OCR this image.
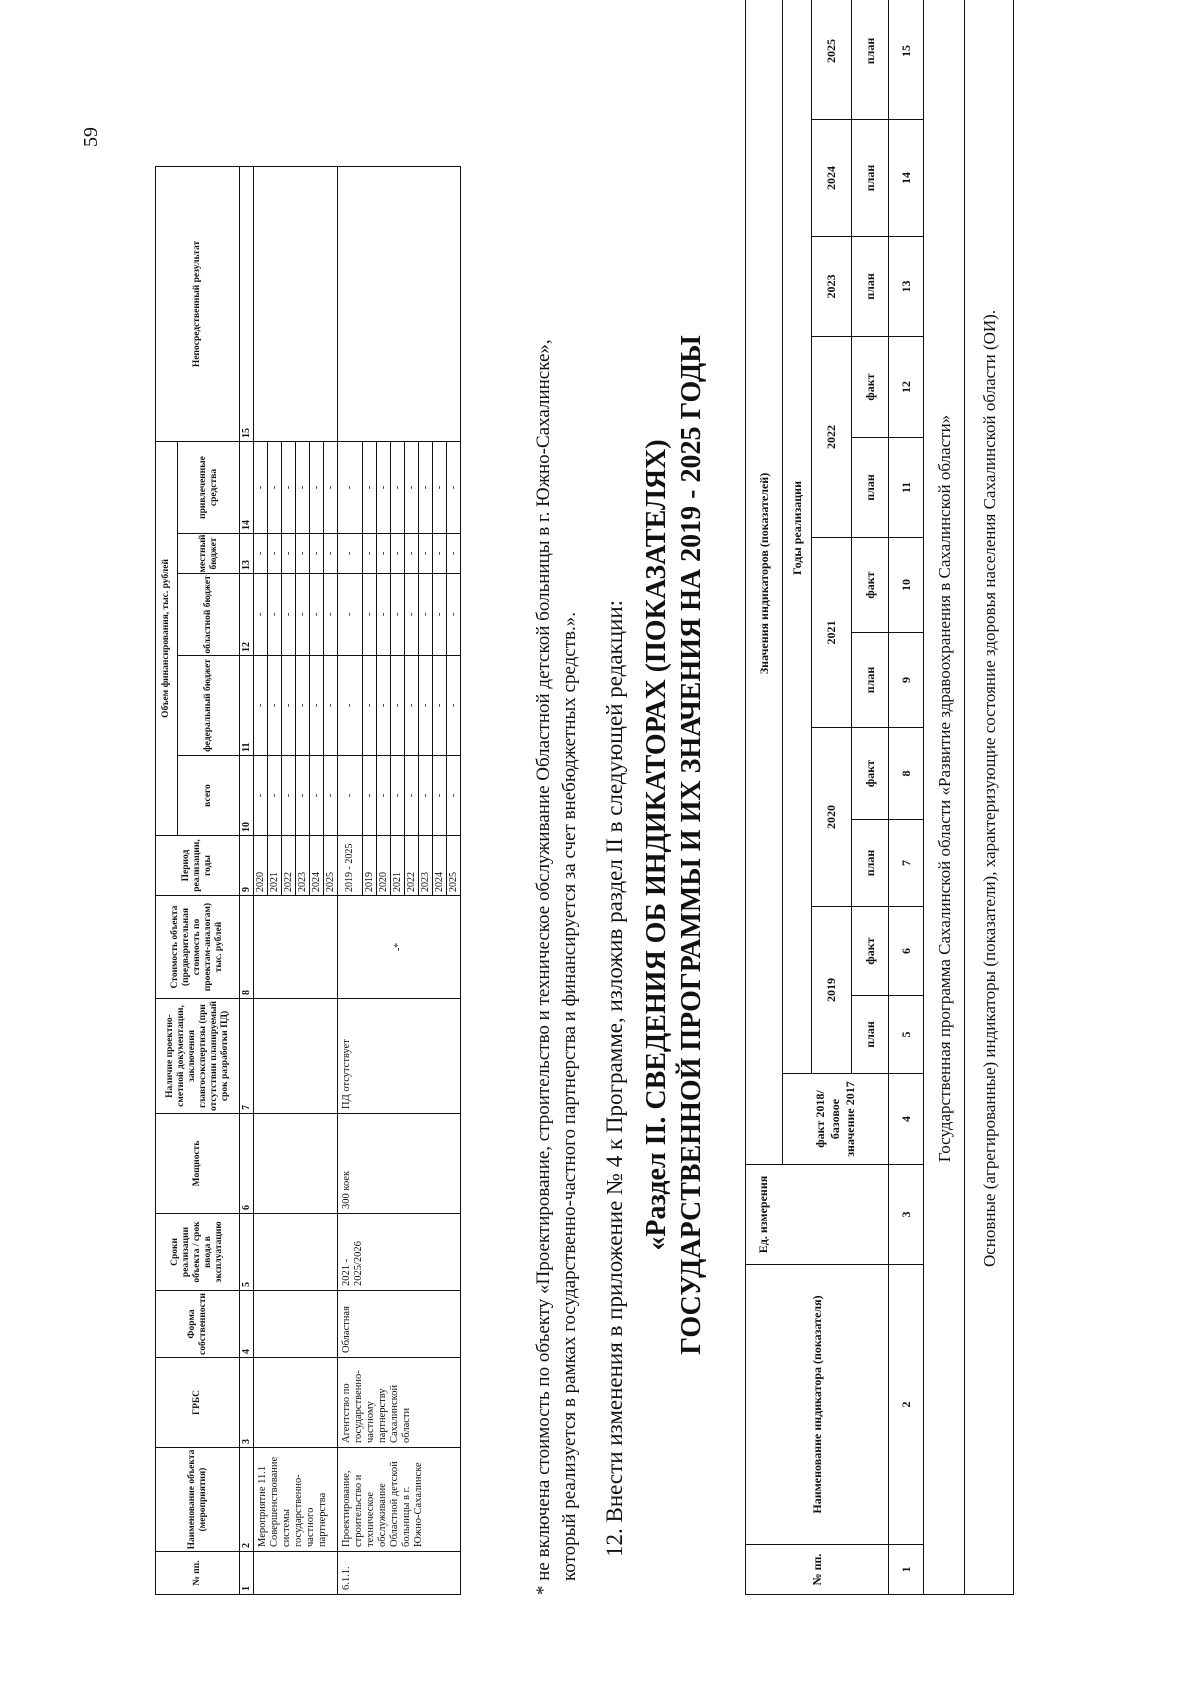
59
№ пп.	Наименование объекта (мероприятия)	ГРБС	Форма собственности	Сроки реализации объекта / срок ввода в эксплуатацию	Мощность	Наличие проектно-сметной документации, заключения главгосэкспертизы (при отсутствии планируемый срок разработки ПД)	Стоимость объекта (предварительная стоимость по проектам-аналогам) тыс. рублей	Период реализации, годы	Объем финансирования, тыс. рублей					Непосредственный результат
									всего	федеральный бюджет	областной бюджет	местный бюджет	привлеченные средства	
1	2	3	4	5	6	7	8	9	10	11	12	13	14	15
	Мероприятие 11.1 Совершенствование системы государственно-частного партнерства							2020	-	-	-	-	-	
								2021	-	-	-	-	-	
								2022	-	-	-	-	-	
								2023	-	-	-	-	-	
								2024	-	-	-	-	-	
								2025	-	-	-	-	-	
6.1.1.	Проектирование, строительство и техническое обслуживание Областной детской больницы в г. Южно-Сахалинске	Агентство по государственно-частному партнерству Сахалинской области	Областная	2021 - 2025/2026	300 коек	ПД отсутствует	-*	2019 - 2025	-	-	-	-	-	
								2019	-	-	-	-	-	
								2020	-	-	-	-	-	
								2021	-	-	-	-	-	
								2022	-	-	-	-	-	
								2023	-	-	-	-	-	
								2024	-	-	-	-	-	
								2025	-	-	-	-	-		* не включена стоимость по объекту «Проектирование, строительство и техническое обслуживание Областной детской больницы в г. Южно-Сахалинске», который реализуется в рамках государственно-частного партнерства и финансируется за счет внебюджетных средств.». 12. Внести изменения в приложение № 4 к Программе, изложив раздел II в следующей редакции: «Раздел II. СВЕДЕНИЯ ОБ ИНДИКАТОРАХ (ПОКАЗАТЕЛЯХ) ГОСУДАРСТВЕННОЙ ПРОГРАММЫ И ИХ ЗНАЧЕНИЯ НА 2019 - 2025 ГОДЫ
№ пп.	Наименование индикатора (показателя)	Ед. измерения	Значения индикаторов (показателей)											
			факт 2018/базовое значение 2017	Годы реализации										
				2019		2020		2021		2022		2023	2024	2025
				план	факт	план	факт	план	факт	план	факт	план	план	план
1	2	3	4	5	6	7	8	9	10	11	12	13	14	15
Государственная программа Сахалинской области «Развитие здравоохранения в Сахалинской области»														
Основные (агрегированные) индикаторы (показатели), характеризующие состояние здоровья населения Сахалинской области (ОИ).														
